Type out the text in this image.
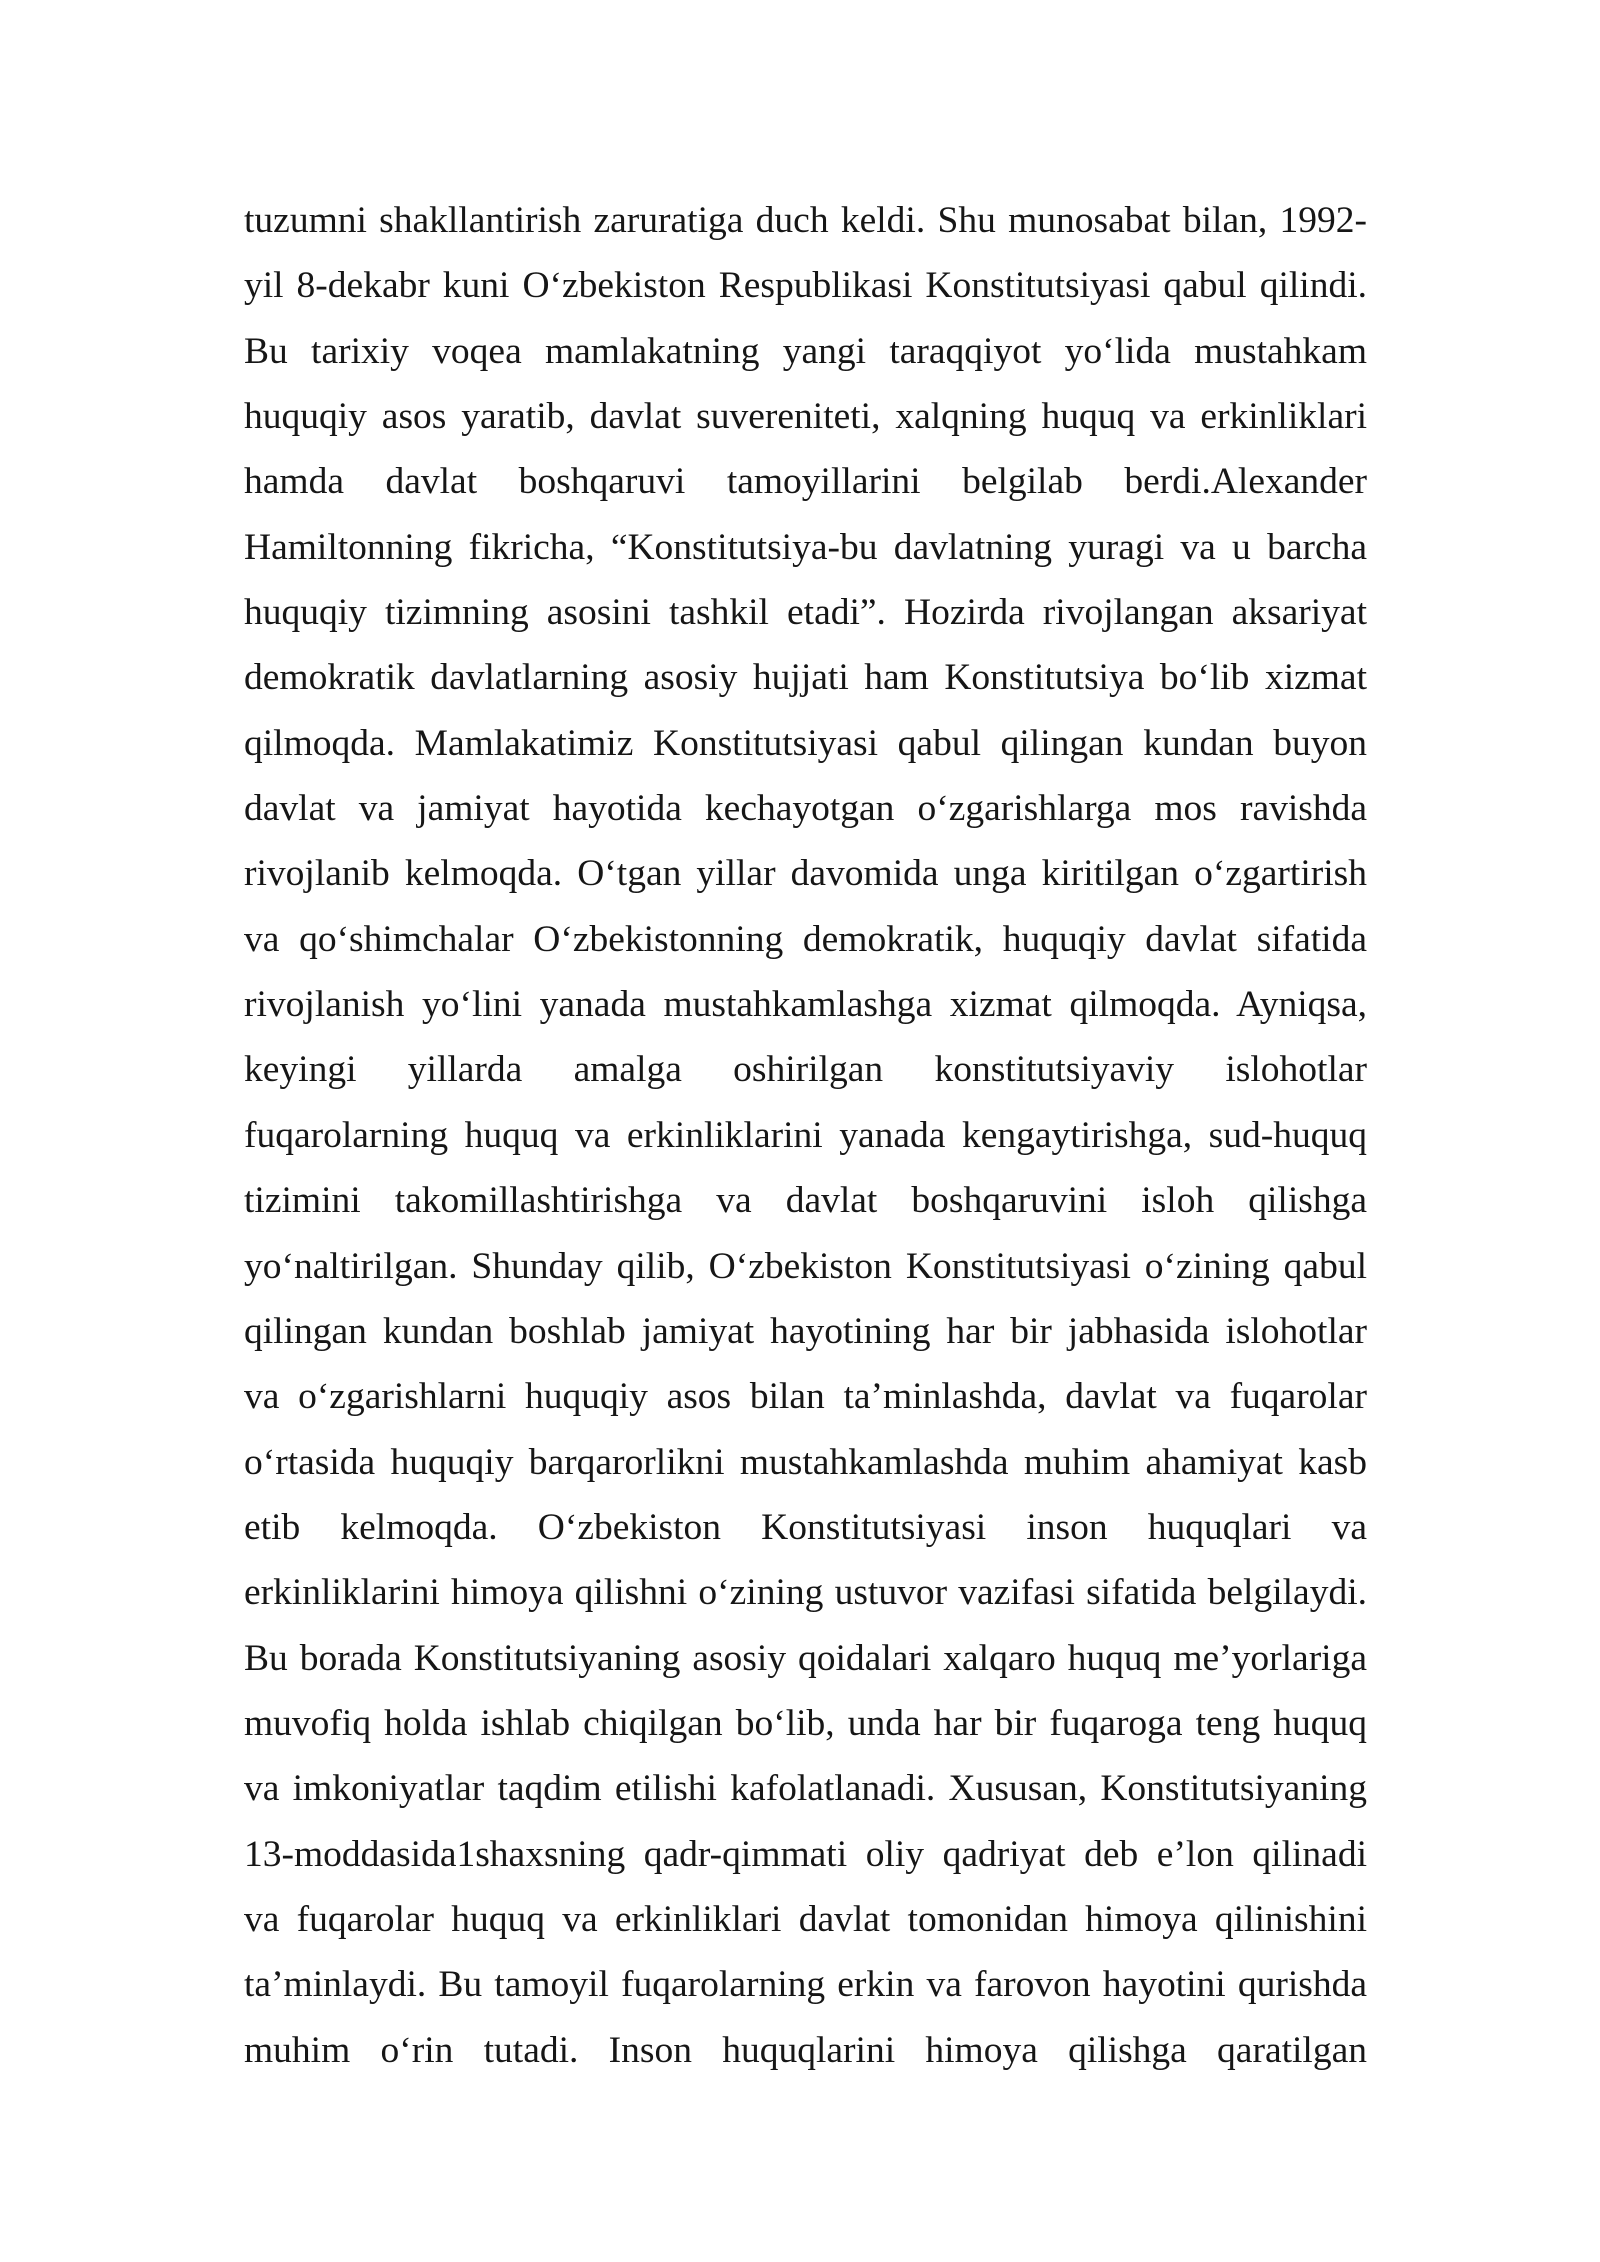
tuzumni shakllantirish zaruratiga duch keldi. Shu munosabat bilan, 1992-
yil 8-dekabr kuni O‘zbekiston Respublikasi Konstitutsiyasi qabul qilindi.
Bu tarixiy voqea mamlakatning yangi taraqqiyot yo‘lida mustahkam
huquqiy asos yaratib, davlat suvereniteti, xalqning huquq va erkinliklari
hamda davlat boshqaruvi tamoyillarini belgilab berdi.Alexander
Hamiltonning fikricha, “Konstitutsiya-bu davlatning yuragi va u barcha
huquqiy tizimning asosini tashkil etadi”. Hozirda rivojlangan aksariyat
demokratik davlatlarning asosiy hujjati ham Konstitutsiya bo‘lib xizmat
qilmoqda. Mamlakatimiz Konstitutsiyasi qabul qilingan kundan buyon
davlat va jamiyat hayotida kechayotgan o‘zgarishlarga mos ravishda
rivojlanib kelmoqda. O‘tgan yillar davomida unga kiritilgan o‘zgartirish
va qo‘shimchalar O‘zbekistonning demokratik, huquqiy davlat sifatida
rivojlanish yo‘lini yanada mustahkamlashga xizmat qilmoqda. Ayniqsa,
keyingi yillarda amalga oshirilgan konstitutsiyaviy islohotlar
fuqarolarning huquq va erkinliklarini yanada kengaytirishga, sud-huquq
tizimini takomillashtirishga va davlat boshqaruvini isloh qilishga
yo‘naltirilgan. Shunday qilib, O‘zbekiston Konstitutsiyasi o‘zining qabul
qilingan kundan boshlab jamiyat hayotining har bir jabhasida islohotlar
va o‘zgarishlarni huquqiy asos bilan ta’minlashda, davlat va fuqarolar
o‘rtasida huquqiy barqarorlikni mustahkamlashda muhim ahamiyat kasb
etib kelmoqda. O‘zbekiston Konstitutsiyasi inson huquqlari va
erkinliklarini himoya qilishni o‘zining ustuvor vazifasi sifatida belgilaydi.
Bu borada Konstitutsiyaning asosiy qoidalari xalqaro huquq me’yorlariga
muvofiq holda ishlab chiqilgan bo‘lib, unda har bir fuqaroga teng huquq
va imkoniyatlar taqdim etilishi kafolatlanadi. Xususan, Konstitutsiyaning
13-moddasida1shaxsning qadr-qimmati oliy qadriyat deb e’lon qilinadi
va fuqarolar huquq va erkinliklari davlat tomonidan himoya qilinishini
ta’minlaydi. Bu tamoyil fuqarolarning erkin va farovon hayotini qurishda
muhim o‘rin tutadi. Inson huquqlarini himoya qilishga qaratilgan
